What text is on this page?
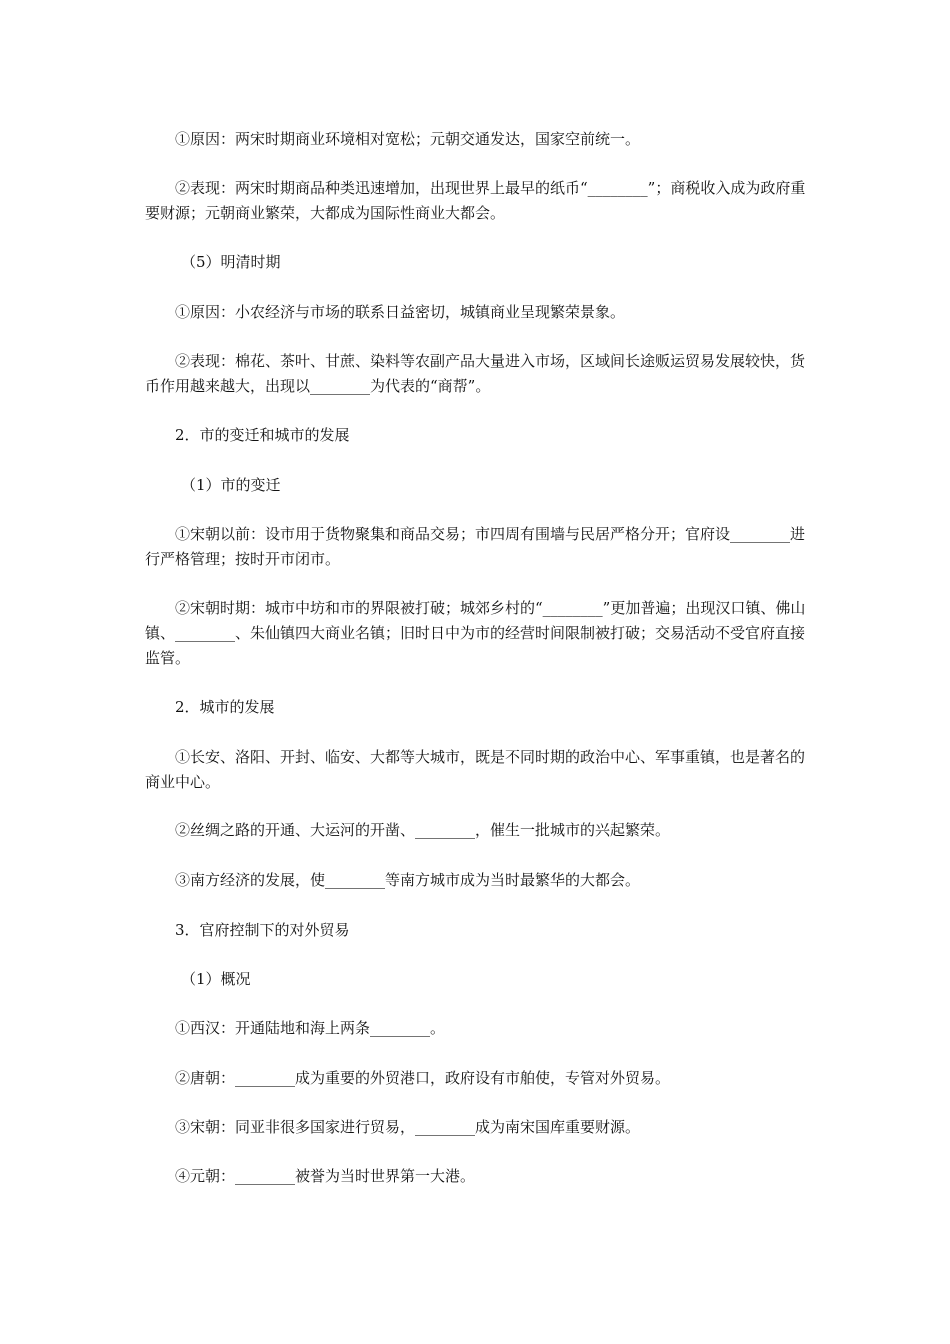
①原因：两宋时期商业环境相对宽松；元朝交通发达，国家空前统一。

②表现：两宋时期商品种类迅速增加，出现世界上最早的纸币“________”；商税收入成为政府重要财源；元朝商业繁荣，大都成为国际性商业大都会。

（5）明清时期

①原因：小农经济与市场的联系日益密切，城镇商业呈现繁荣景象。

②表现：棉花、茶叶、甘蔗、染料等农副产品大量进入市场，区域间长途贩运贸易发展较快，货币作用越来越大，出现以________为代表的“商帮”。

2．市的变迁和城市的发展

（1）市的变迁

①宋朝以前：设市用于货物聚集和商品交易；市四周有围墙与民居严格分开；官府设________进行严格管理；按时开市闭市。

②宋朝时期：城市中坊和市的界限被打破；城郊乡村的“________”更加普遍；出现汉口镇、佛山镇、________、朱仙镇四大商业名镇；旧时日中为市的经营时间限制被打破；交易活动不受官府直接监管。

2．城市的发展

①长安、洛阳、开封、临安、大都等大城市，既是不同时期的政治中心、军事重镇，也是著名的商业中心。

②丝绸之路的开通、大运河的开凿、________，催生一批城市的兴起繁荣。

③南方经济的发展，使________等南方城市成为当时最繁华的大都会。

3．官府控制下的对外贸易

（1）概况

①西汉：开通陆地和海上两条________。

②唐朝：________成为重要的外贸港口，政府设有市舶使，专管对外贸易。

③宋朝：同亚非很多国家进行贸易，________成为南宋国库重要财源。

④元朝：________被誉为当时世界第一大港。
